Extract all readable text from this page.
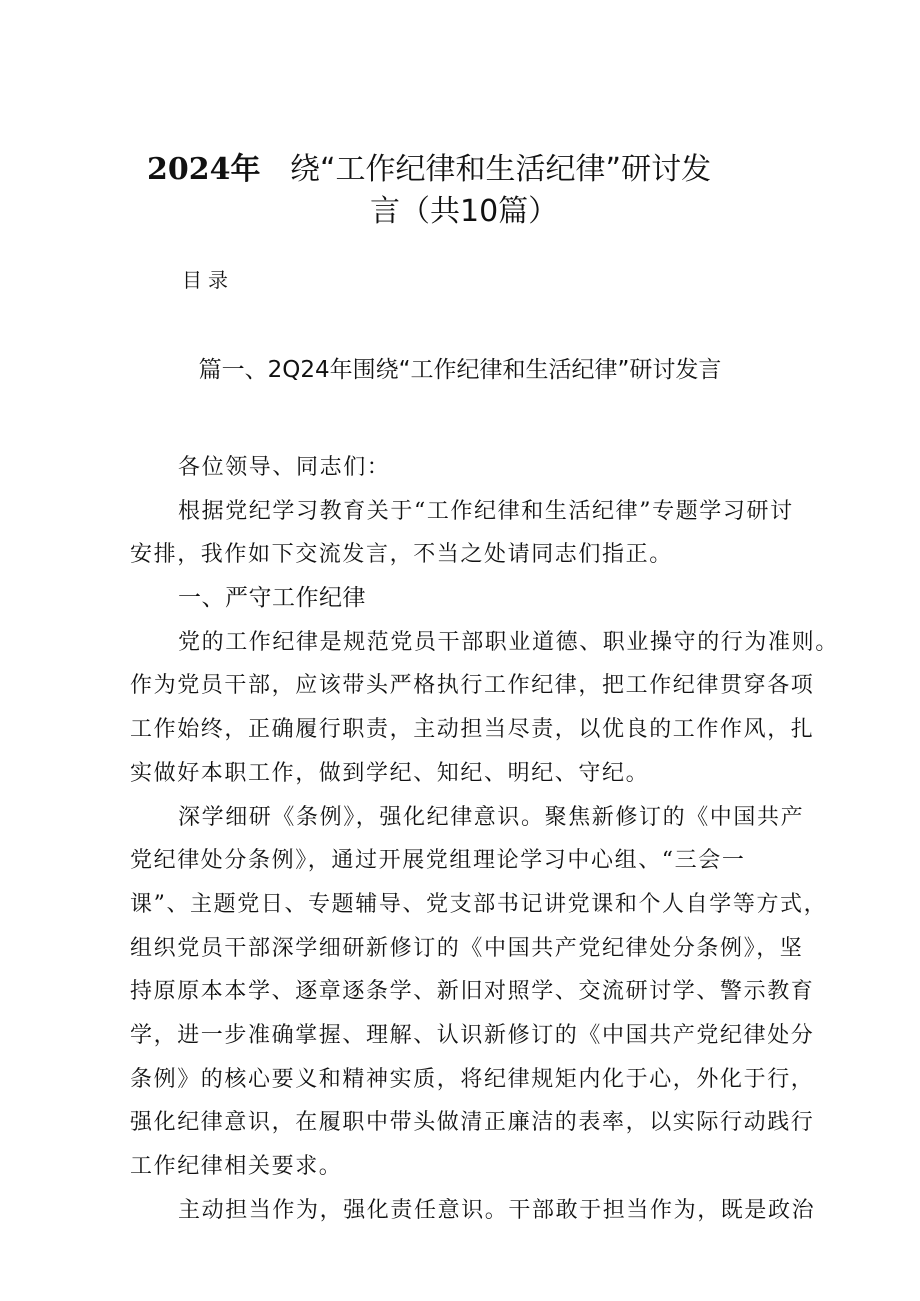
2024年 绕“工作纪律和生活纪律”研讨发
言（共10篇）
目录
篇一、2Q24年围绕“工作纪律和生活纪律”研讨发言
各位领导、同志们：
根据党纪学习教育关于“工作纪律和生活纪律”专题学习研讨
安排，我作如下交流发言，不当之处请同志们指正。
一、严守工作纪律
党的工作纪律是规范党员干部职业道德、职业操守的行为准则。
作为党员干部，应该带头严格执行工作纪律，把工作纪律贯穿各项
工作始终，正确履行职责，主动担当尽责，以优良的工作作风，扎
实做好本职工作，做到学纪、知纪、明纪、守纪。
深学细研《条例》，强化纪律意识。聚焦新修订的《中国共产
党纪律处分条例》，通过开展党组理论学习中心组、“三会一
课”、主题党日、专题辅导、党支部书记讲党课和个人自学等方式，
组织党员干部深学细研新修订的《中国共产党纪律处分条例》，坚
持原原本本学、逐章逐条学、新旧对照学、交流研讨学、警示教育
学，进一步准确掌握、理解、认识新修订的《中国共产党纪律处分
条例》的核心要义和精神实质，将纪律规矩内化于心，外化于行，
强化纪律意识，在履职中带头做清正廉洁的表率，以实际行动践行
工作纪律相关要求。
主动担当作为，强化责任意识。干部敢于担当作为，既是政治
